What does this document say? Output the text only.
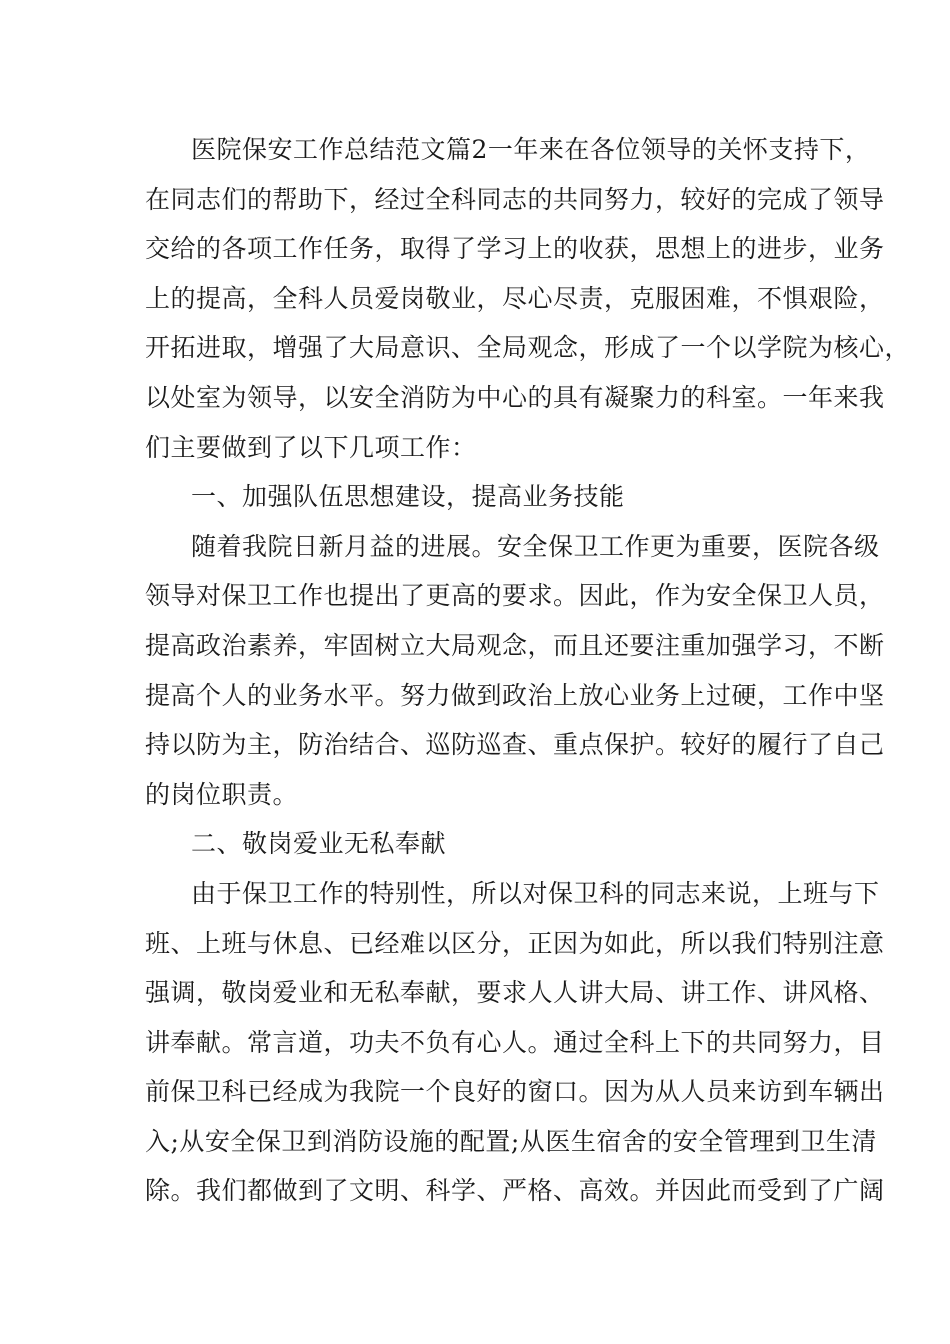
医院保安工作总结范文篇2一年来在各位领导的关怀支持下，
在同志们的帮助下，经过全科同志的共同努力，较好的完成了领导
交给的各项工作任务，取得了学习上的收获，思想上的进步，业务
上的提高，全科人员爱岗敬业，尽心尽责，克服困难，不惧艰险，
开拓进取，增强了大局意识、全局观念，形成了一个以学院为核心，
以处室为领导，以安全消防为中心的具有凝聚力的科室。一年来我
们主要做到了以下几项工作：
一、加强队伍思想建设，提高业务技能
随着我院日新月益的进展。安全保卫工作更为重要，医院各级
领导对保卫工作也提出了更高的要求。因此，作为安全保卫人员，
提高政治素养，牢固树立大局观念，而且还要注重加强学习，不断
提高个人的业务水平。努力做到政治上放心业务上过硬，工作中坚
持以防为主，防治结合、巡防巡查、重点保护。较好的履行了自己
的岗位职责。
二、敬岗爱业无私奉献
由于保卫工作的特别性，所以对保卫科的同志来说，上班与下
班、上班与休息、已经难以区分，正因为如此，所以我们特别注意
强调，敬岗爱业和无私奉献，要求人人讲大局、讲工作、讲风格、
讲奉献。常言道，功夫不负有心人。通过全科上下的共同努力，目
前保卫科已经成为我院一个良好的窗口。因为从人员来访到车辆出
入;从安全保卫到消防设施的配置;从医生宿舍的安全管理到卫生清
除。我们都做到了文明、科学、严格、高效。并因此而受到了广阔
